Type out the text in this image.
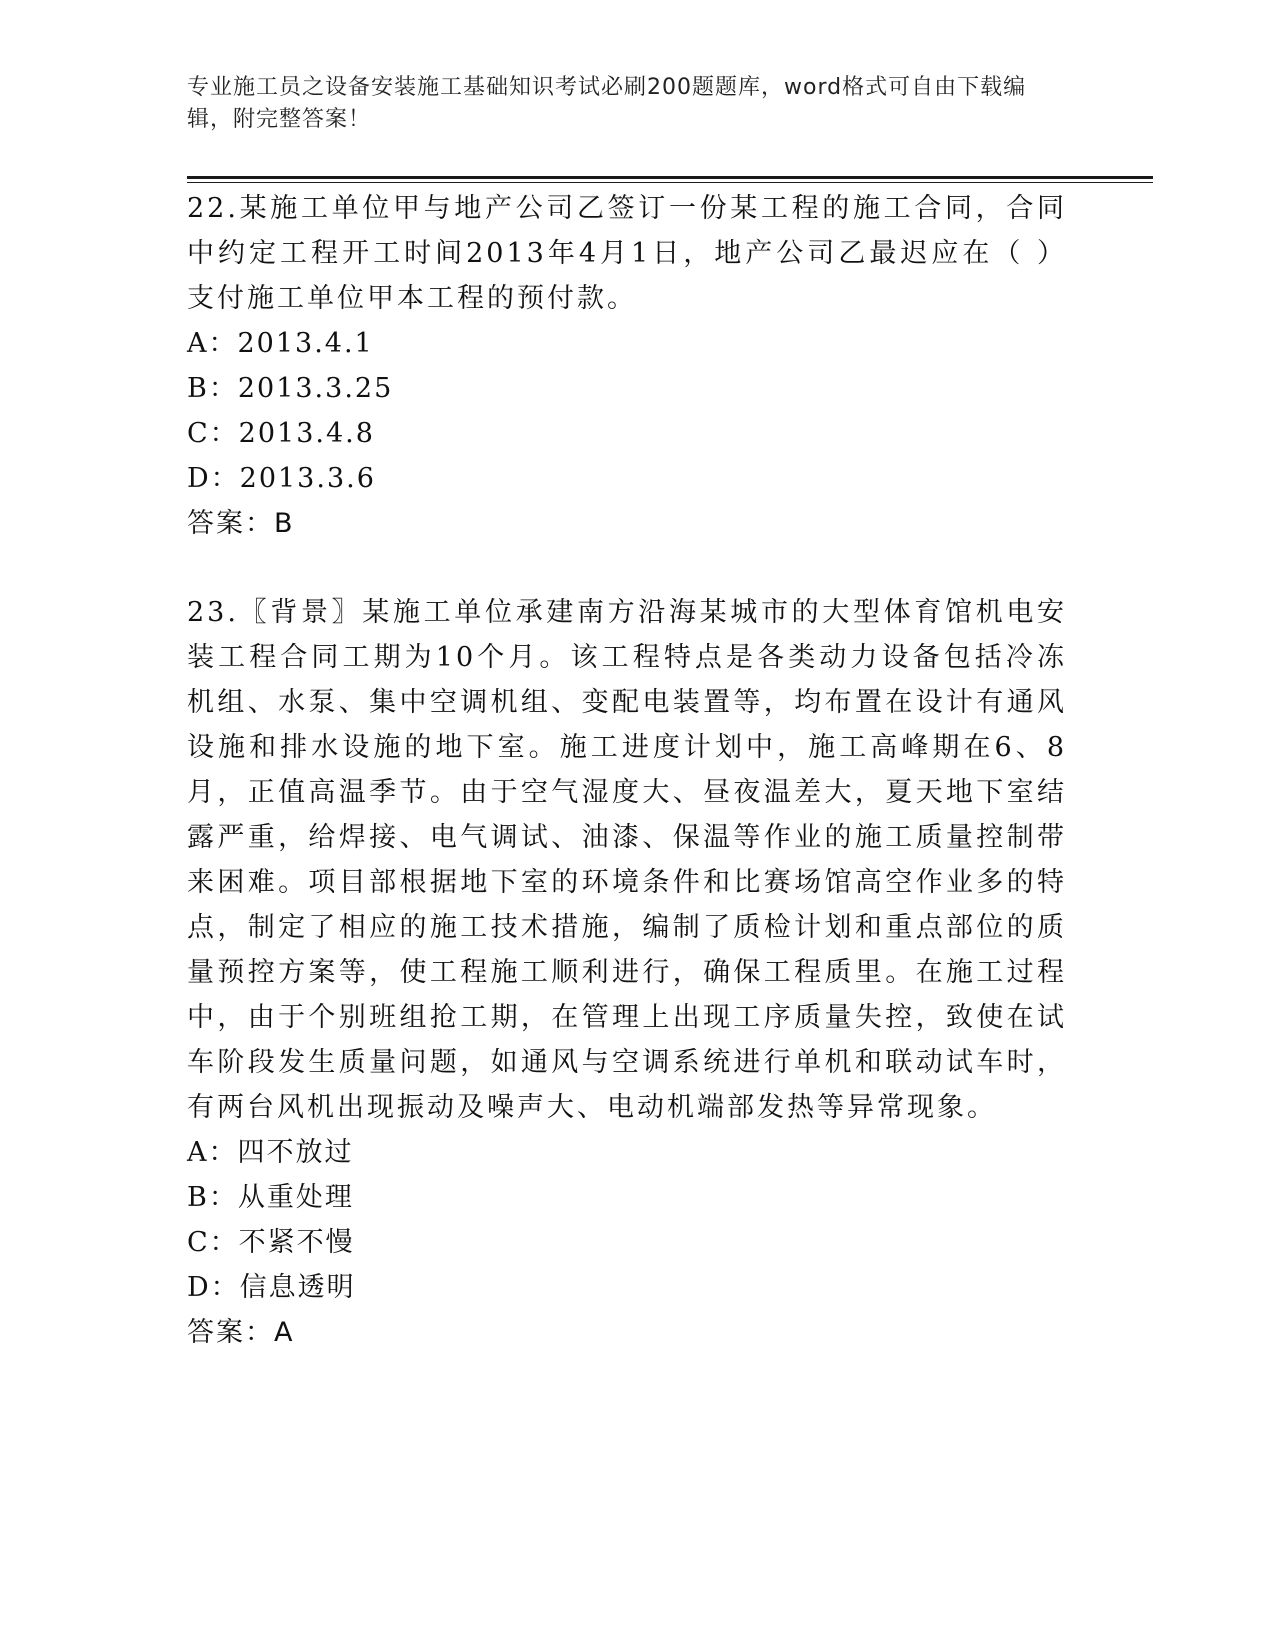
专业施工员之设备安装施工基础知识考试必刷200题题库，word格式可自由下载编辑，附完整答案！

22.某施工单位甲与地产公司乙签订一份某工程的施工合同，合同中约定工程开工时间2013年4月1日，地产公司乙最迟应在（ ）支付施工单位甲本工程的预付款。

A：2013.4.1

B：2013.3.25

C：2013.4.8

D：2013.3.6

答案：B

23.〖背景〗某施工单位承建南方沿海某城市的大型体育馆机电安装工程合同工期为10个月。该工程特点是各类动力设备包括冷冻机组、水泵、集中空调机组、变配电装置等，均布置在设计有通风设施和排水设施的地下室。施工进度计划中，施工高峰期在6、8月，正值高温季节。由于空气湿度大、昼夜温差大，夏天地下室结露严重，给焊接、电气调试、油漆、保温等作业的施工质量控制带来困难。项目部根据地下室的环境条件和比赛场馆高空作业多的特点，制定了相应的施工技术措施，编制了质检计划和重点部位的质量预控方案等，使工程施工顺利进行，确保工程质里。在施工过程中，由于个别班组抢工期，在管理上出现工序质量失控，致使在试车阶段发生质量问题，如通风与空调系统进行单机和联动试车时，有两台风机出现振动及噪声大、电动机端部发热等异常现象。

A：四不放过

B：从重处理

C：不紧不慢

D：信息透明

答案：A
